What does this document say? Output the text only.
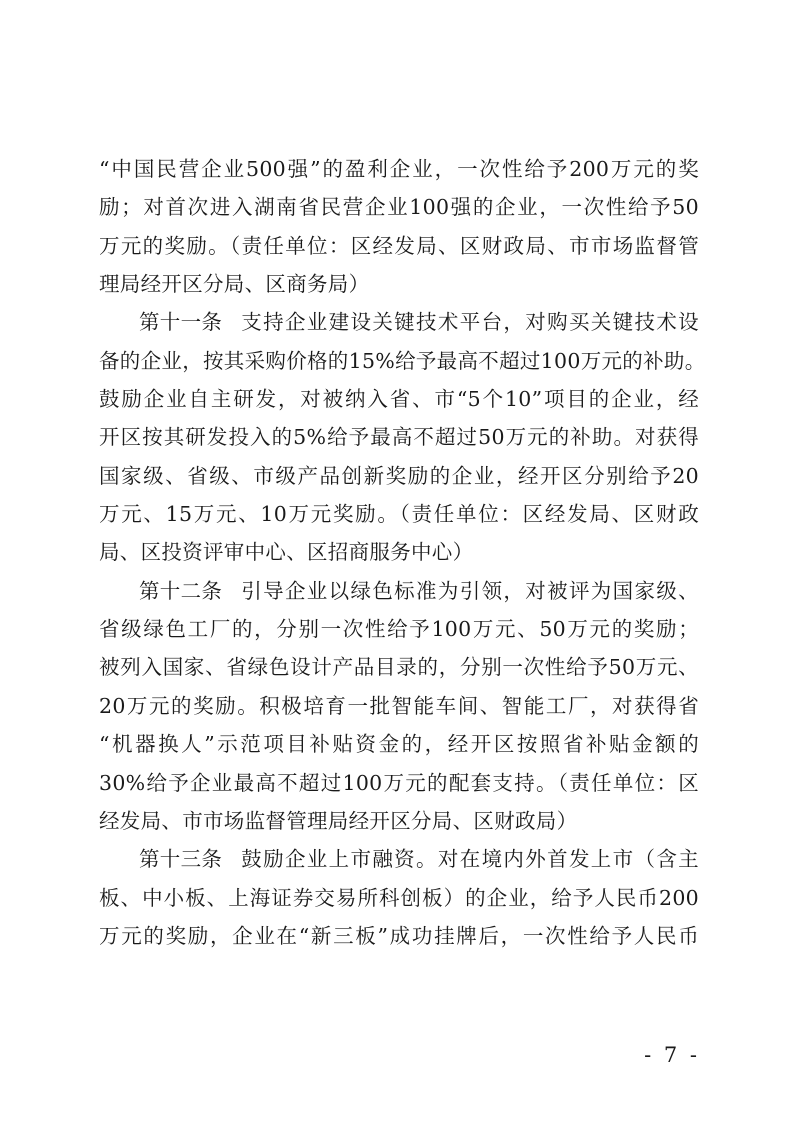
“中国民营企业500强”的盈利企业，一次性给予200万元的奖
励；对首次进入湖南省民营企业100强的企业，一次性给予50
万元的奖励。（责任单位：区经发局、区财政局、市市场监督管
理局经开区分局、区商务局）
第十一条 支持企业建设关键技术平台，对购买关键技术设
备的企业，按其采购价格的15%给予最高不超过100万元的补助。
鼓励企业自主研发，对被纳入省、市“5个10”项目的企业，经
开区按其研发投入的5%给予最高不超过50万元的补助。对获得
国家级、省级、市级产品创新奖励的企业，经开区分别给予20
万元、15万元、10万元奖励。（责任单位：区经发局、区财政
局、区投资评审中心、区招商服务中心）
第十二条 引导企业以绿色标准为引领，对被评为国家级、
省级绿色工厂的，分别一次性给予100万元、50万元的奖励；
被列入国家、省绿色设计产品目录的，分别一次性给予50万元、
20万元的奖励。积极培育一批智能车间、智能工厂，对获得省
“机器换人”示范项目补贴资金的，经开区按照省补贴金额的
30%给予企业最高不超过100万元的配套支持。（责任单位：区
经发局、市市场监督管理局经开区分局、区财政局）
第十三条 鼓励企业上市融资。对在境内外首发上市（含主
板、中小板、上海证券交易所科创板）的企业，给予人民币200
万元的奖励，企业在“新三板”成功挂牌后，一次性给予人民币
- 7 -
